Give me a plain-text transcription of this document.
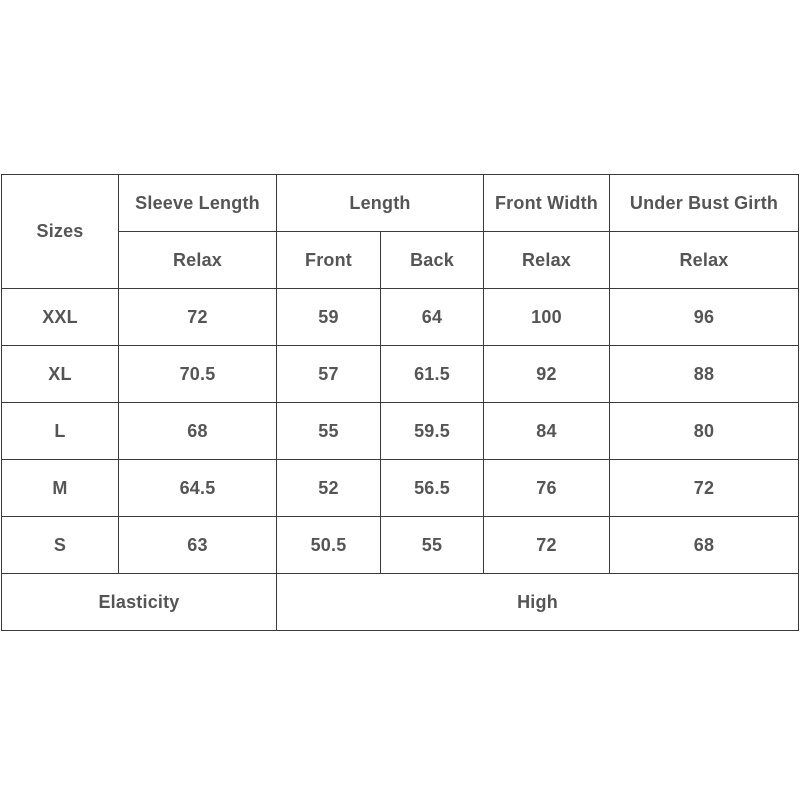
Sizes	Sleeve Length	Length		Front Width	Under Bust Girth
	Relax	Front	Back	Relax	Relax
XXL	72	59	64	100	96
XL	70.5	57	61.5	92	88
L	68	55	59.5	84	80
M	64.5	52	56.5	76	72
S	63	50.5	55	72	68
Elasticity		High			
